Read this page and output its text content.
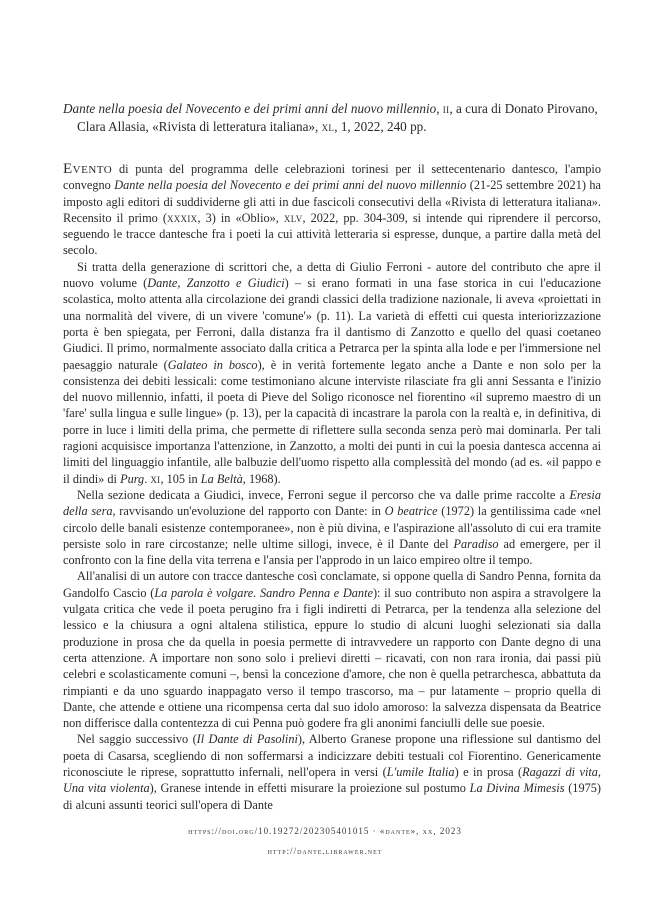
Dante nella poesia del Novecento e dei primi anni del nuovo millennio, ii, a cura di Donato Pirovano, Clara Allasia, «Rivista di letteratura italiana», xl, 1, 2022, 240 pp.

Evento di punta del programma delle celebrazioni torinesi per il settecentenario dantesco, l'ampio convegno Dante nella poesia del Novecento e dei primi anni del nuovo millennio (21-25 settembre 2021) ha imposto agli editori di suddividerne gli atti in due fascicoli consecutivi della «Rivista di letteratura italiana». Recensito il primo (xxxix, 3) in «Oblio», xlv, 2022, pp. 304-309, si intende qui riprendere il percorso, seguendo le tracce dantesche fra i poeti la cui attività letteraria si espresse, dunque, a partire dalla metà del secolo.

Si tratta della generazione di scrittori che, a detta di Giulio Ferroni - autore del contributo che apre il nuovo volume (Dante, Zanzotto e Giudici) – si erano formati in una fase storica in cui l'educazione scolastica, molto attenta alla circolazione dei grandi classici della tradizione nazionale, li aveva «proiettati in una normalità del vivere, di un vivere 'comune'» (p. 11). La varietà di effetti cui questa interiorizzazione porta è ben spiegata, per Ferroni, dalla distanza fra il dantismo di Zanzotto e quello del quasi coetaneo Giudici. Il primo, normalmente associato dalla critica a Petrarca per la spinta alla lode e per l'immersione nel paesaggio naturale (Galateo in bosco), è in verità fortemente legato anche a Dante e non solo per la consistenza dei debiti lessicali: come testimoniano alcune interviste rilasciate fra gli anni Sessanta e l'inizio del nuovo millennio, infatti, il poeta di Pieve del Soligo riconosce nel fiorentino «il supremo maestro di un 'fare' sulla lingua e sulle lingue» (p. 13), per la capacità di incastrare la parola con la realtà e, in definitiva, di porre in luce i limiti della prima, che permette di riflettere sulla seconda senza però mai dominarla. Per tali ragioni acquisisce importanza l'attenzione, in Zanzotto, a molti dei punti in cui la poesia dantesca accenna ai limiti del linguaggio infantile, alle balbuzie dell'uomo rispetto alla complessità del mondo (ad es. «il pappo e il dindi» di Purg. xi, 105 in La Beltà, 1968).

Nella sezione dedicata a Giudici, invece, Ferroni segue il percorso che va dalle prime raccolte a Eresia della sera, ravvisando un'evoluzione del rapporto con Dante: in O beatrice (1972) la gentilissima cade «nel circolo delle banali esistenze contemporanee», non è più divina, e l'aspirazione all'assoluto di cui era tramite persiste solo in rare circostanze; nelle ultime sillogi, invece, è il Dante del Paradiso ad emergere, per il confronto con la fine della vita terrena e l'ansia per l'approdo in un laico empireo oltre il tempo.

All'analisi di un autore con tracce dantesche così conclamate, si oppone quella di Sandro Penna, fornita da Gandolfo Cascio (La parola è volgare. Sandro Penna e Dante): il suo contributo non aspira a stravolgere la vulgata critica che vede il poeta perugino fra i figli indiretti di Petrarca, per la tendenza alla selezione del lessico e la chiusura a ogni altalena stilistica, eppure lo studio di alcuni luoghi selezionati sia dalla produzione in prosa che da quella in poesia permette di intravvedere un rapporto con Dante degno di una certa attenzione. A importare non sono solo i prelievi diretti – ricavati, con non rara ironia, dai passi più celebri e scolasticamente comuni –, bensì la concezione d'amore, che non è quella petrarchesca, abbattuta da rimpianti e da uno sguardo inappagato verso il tempo trascorso, ma – pur latamente – proprio quella di Dante, che attende e ottiene una ricompensa certa dal suo idolo amoroso: la salvezza dispensata da Beatrice non differisce dalla contentezza di cui Penna può godere fra gli anonimi fanciulli delle sue poesie.

Nel saggio successivo (Il Dante di Pasolini), Alberto Granese propone una riflessione sul dantismo del poeta di Casarsa, scegliendo di non soffermarsi a indicizzare debiti testuali col Fiorentino. Genericamente riconosciute le riprese, soprattutto infernali, nell'opera in versi (L'umile Italia) e in prosa (Ragazzi di vita, Una vita violenta), Granese intende in effetti misurare la proiezione sul postumo La Divina Mimesis (1975) di alcuni assunti teorici sull'opera di Dante

https://doi.org/10.19272/202305401015 · «dante», xx, 2023
http://dante.librawer.net
